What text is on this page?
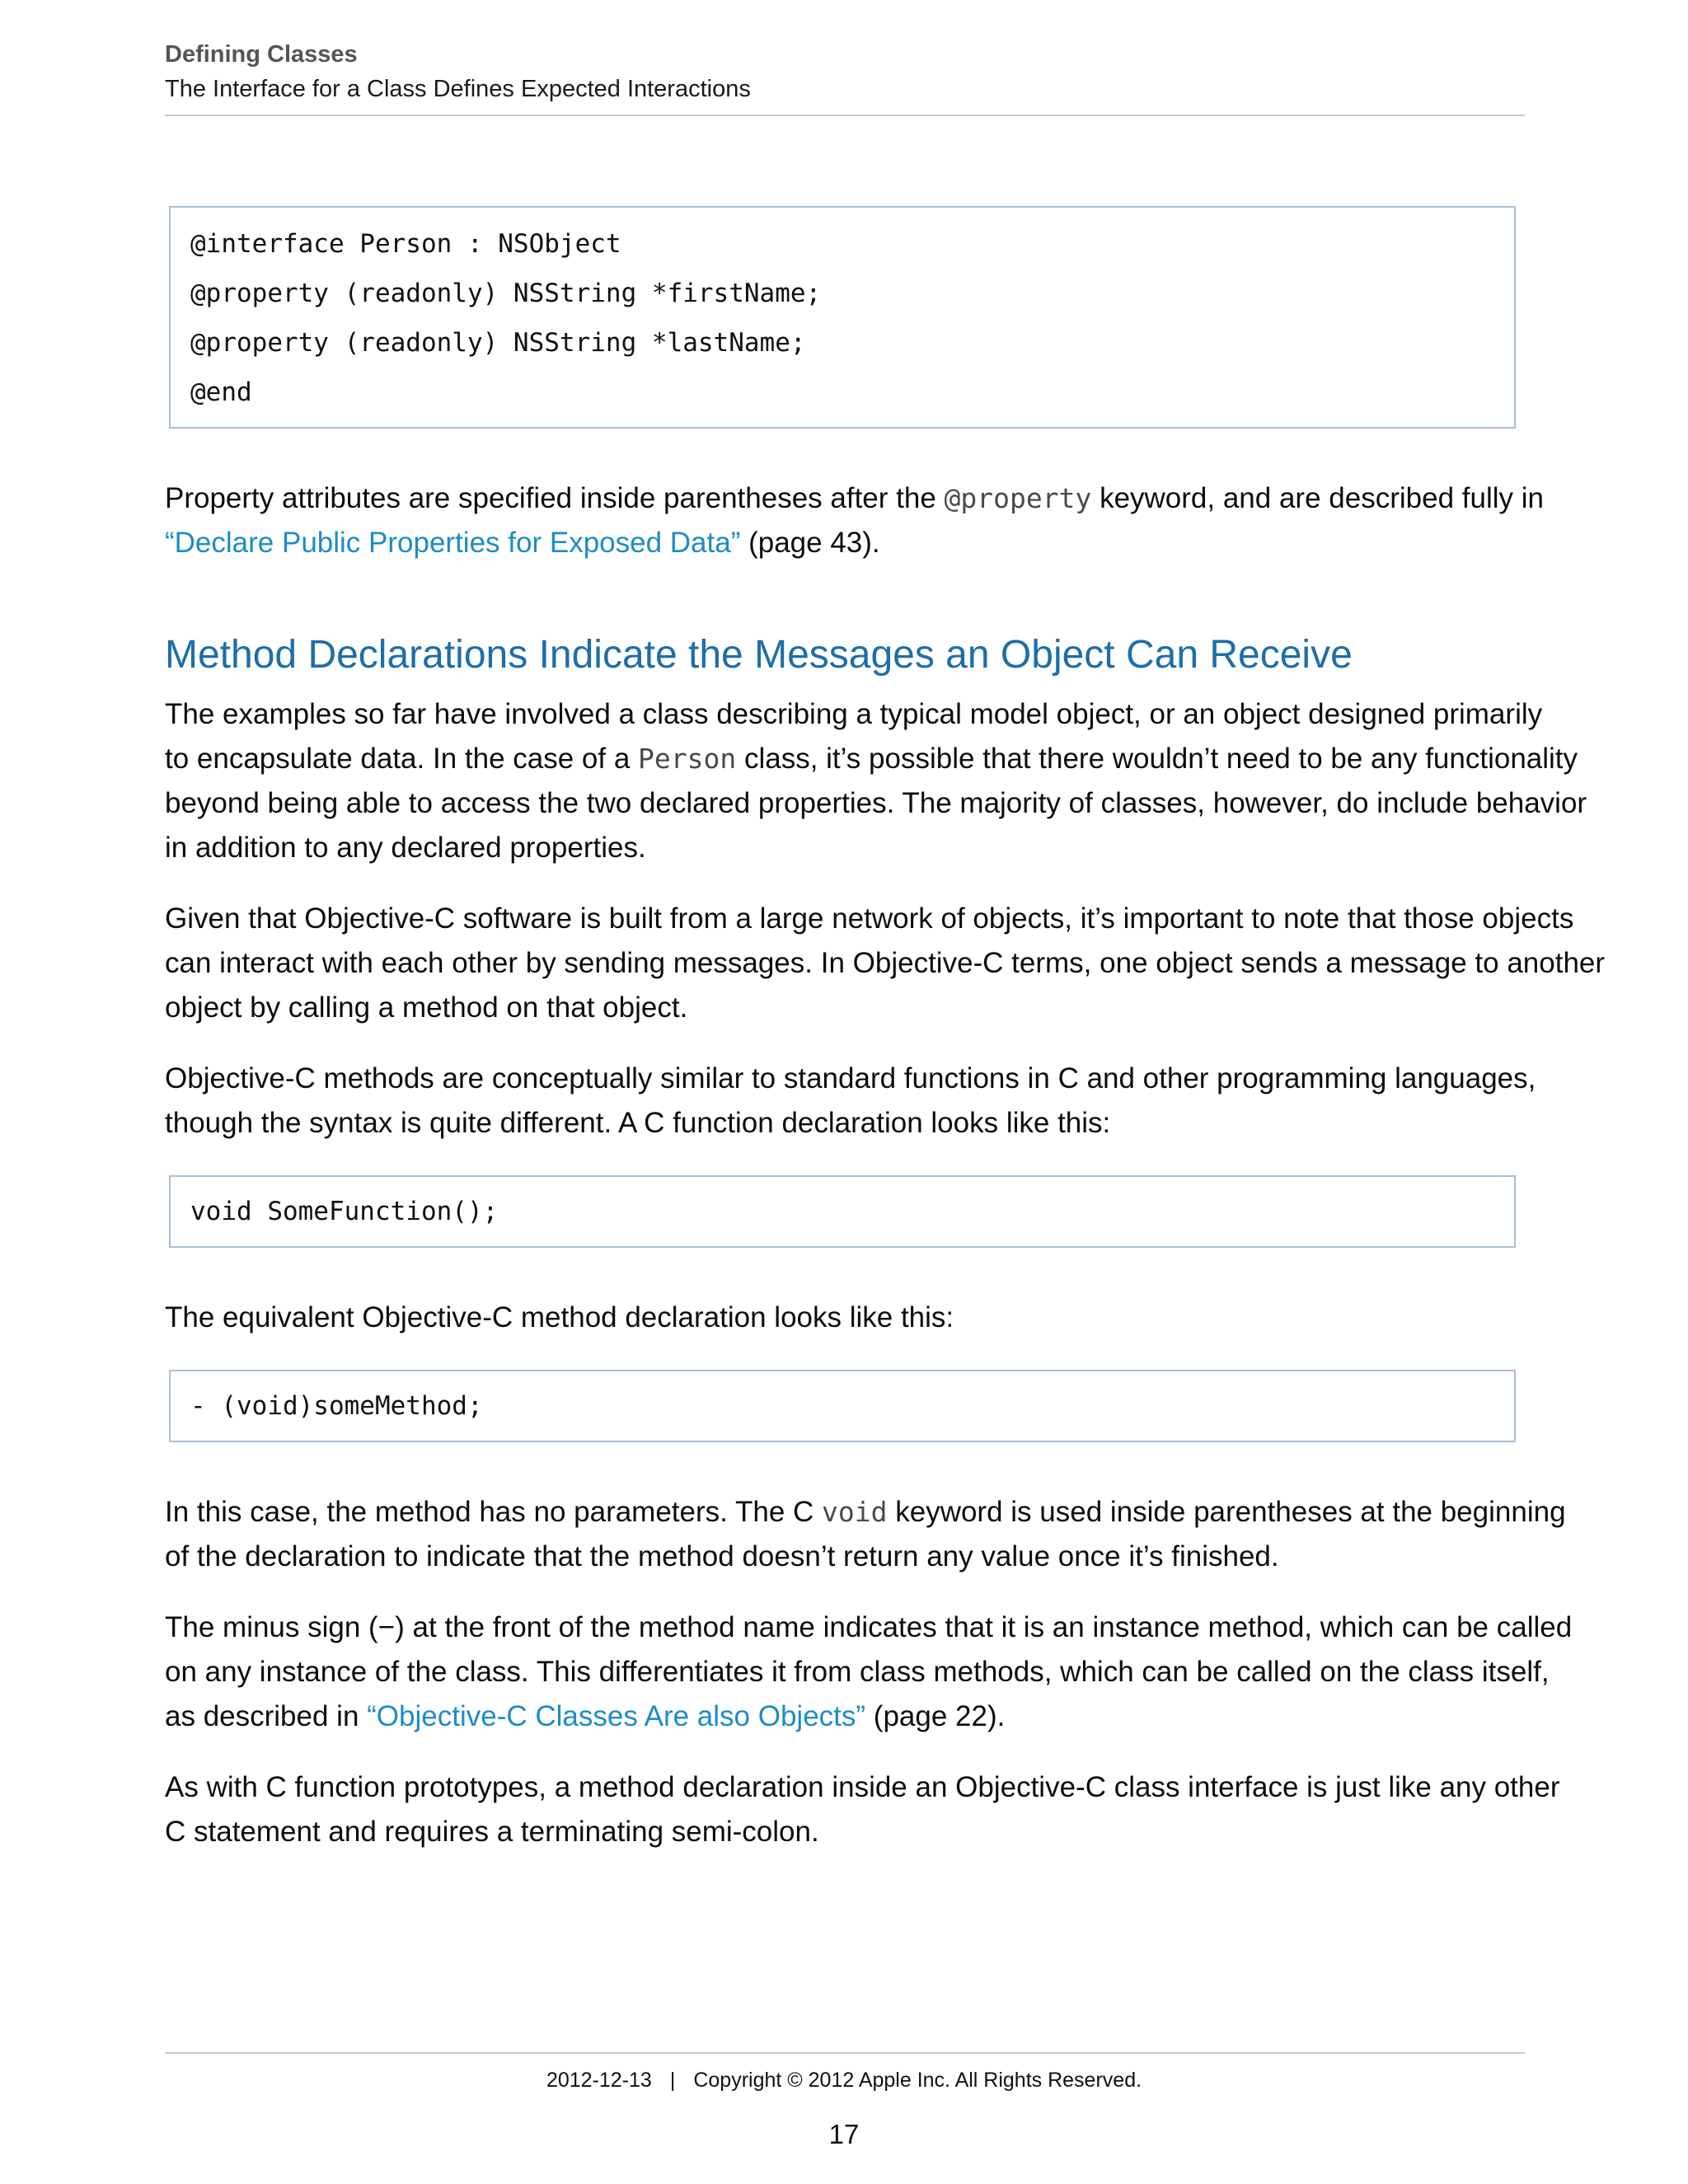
Defining Classes
The Interface for a Class Defines Expected Interactions
@interface Person : NSObject
@property (readonly) NSString *firstName;
@property (readonly) NSString *lastName;
@end
Property attributes are specified inside parentheses after the @property keyword, and are described fully in
“Declare Public Properties for Exposed Data” (page 43).
Method Declarations Indicate the Messages an Object Can Receive
The examples so far have involved a class describing a typical model object, or an object designed primarily
to encapsulate data. In the case of a Person class, it’s possible that there wouldn’t need to be any functionality
beyond being able to access the two declared properties. The majority of classes, however, do include behavior
in addition to any declared properties.
Given that Objective-C software is built from a large network of objects, it’s important to note that those objects
can interact with each other by sending messages. In Objective-C terms, one object sends a message to another
object by calling a method on that object.
Objective-C methods are conceptually similar to standard functions in C and other programming languages,
though the syntax is quite different. A C function declaration looks like this:
void SomeFunction();
The equivalent Objective-C method declaration looks like this:
- (void)someMethod;
In this case, the method has no parameters. The C void keyword is used inside parentheses at the beginning
of the declaration to indicate that the method doesn’t return any value once it’s finished.
The minus sign (−) at the front of the method name indicates that it is an instance method, which can be called
on any instance of the class. This differentiates it from class methods, which can be called on the class itself,
as described in “Objective-C Classes Are also Objects” (page 22).
As with C function prototypes, a method declaration inside an Objective-C class interface is just like any other
C statement and requires a terminating semi-colon.
2012-12-13 | Copyright © 2012 Apple Inc. All Rights Reserved.
17
